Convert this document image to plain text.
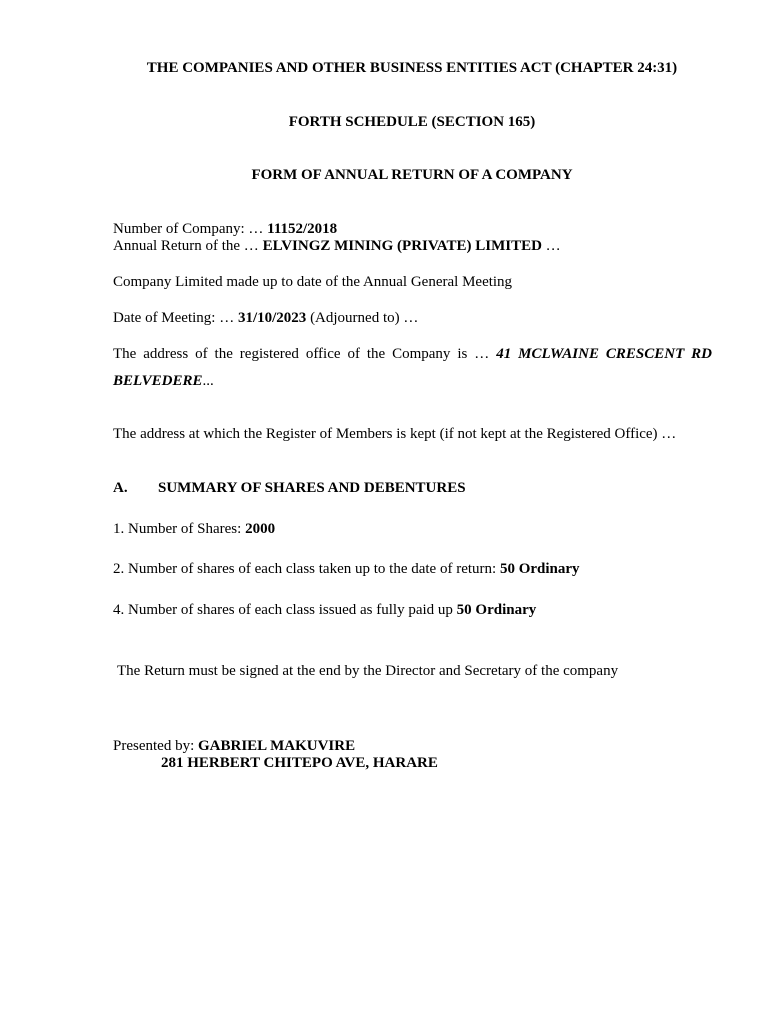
THE COMPANIES AND OTHER BUSINESS ENTITIES ACT (CHAPTER 24:31)
FORTH SCHEDULE (SECTION 165)
FORM OF ANNUAL RETURN OF A COMPANY
Number of Company: … 11152/2018
Annual Return of the … ELVINGZ MINING (PRIVATE) LIMITED …
Company Limited made up to date of the Annual General Meeting
Date of Meeting: … 31/10/2023 (Adjourned to) …
The address of the registered office of the Company is … 41 MCLWAINE CRESCENT RD
BELVEDERE...
The address at which the Register of Members is kept (if not kept at the Registered Office) …
A. SUMMARY OF SHARES AND DEBENTURES
1. Number of Shares: 2000
2. Number of shares of each class taken up to the date of return: 50 Ordinary
4. Number of shares of each class issued as fully paid up 50 Ordinary
The Return must be signed at the end by the Director and Secretary of the company
Presented by: GABRIEL MAKUVIRE
281 HERBERT CHITEPO AVE, HARARE
